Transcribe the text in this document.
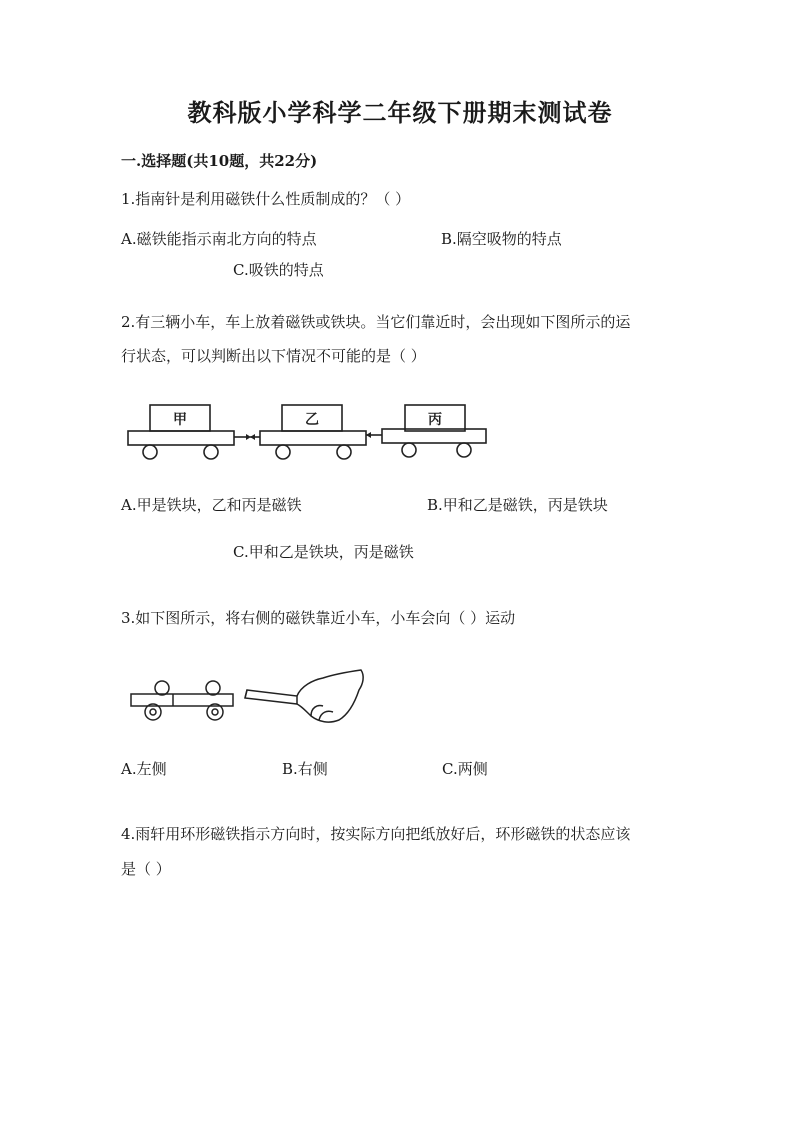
教科版小学科学二年级下册期末测试卷
一.选择题(共10题，共22分)
1.指南针是利用磁铁什么性质制成的？（ ）
A.磁铁能指示南北方向的特点	B.隔空吸物的特点
C.吸铁的特点
2.有三辆小车，车上放着磁铁或铁块。当它们靠近时，会出现如下图所示的运
行状态，可以判断出以下情况不可能的是（ ）
甲	乙	丙
A.甲是铁块，乙和丙是磁铁	B.甲和乙是磁铁，丙是铁块
C.甲和乙是铁块，丙是磁铁
3.如下图所示，将右侧的磁铁靠近小车，小车会向（ ）运动
A.左侧	B.右侧	C.两侧
4.雨轩用环形磁铁指示方向时，按实际方向把纸放好后，环形磁铁的状态应该
是（ ）
